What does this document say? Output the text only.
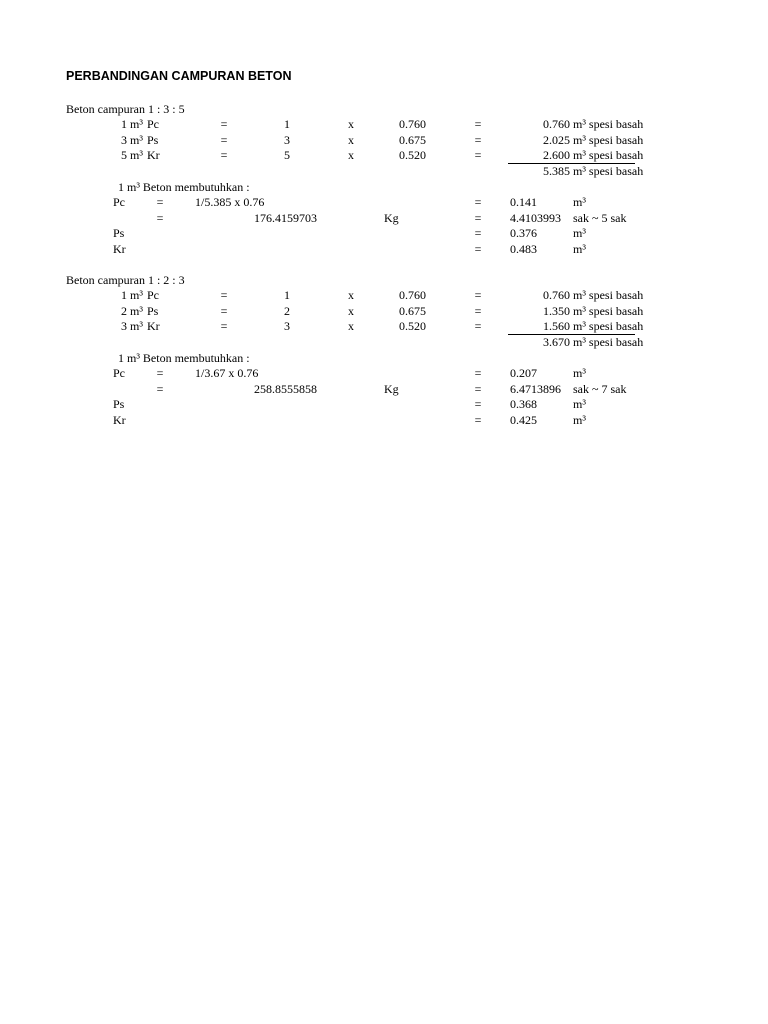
PERBANDINGAN CAMPURAN BETON
Beton campuran 1 : 3 : 5
1 m³ Pc	=	1	x	0.760	=	0.760 m³ spesi basah
3 m³ Ps	=	3	x	0.675	=	2.025 m³ spesi basah
5 m³ Kr	=	5	x	0.520	=	2.600 m³ spesi basah
5.385 m³ spesi basah
1 m³ Beton membutuhkan :
Pc	=	1/5.385 x 0.76	=	0.141	m³
=	176.4159703	Kg	=	4.4103993 sak ~ 5 sak
Ps	=	0.376	m³
Kr	=	0.483	m³
Beton campuran 1 : 2 : 3
1 m³ Pc	=	1	x	0.760	=	0.760 m³ spesi basah
2 m³ Ps	=	2	x	0.675	=	1.350 m³ spesi basah
3 m³ Kr	=	3	x	0.520	=	1.560 m³ spesi basah
3.670 m³ spesi basah
1 m³ Beton membutuhkan :
Pc	=	1/3.67 x 0.76	=	0.207	m³
=	258.8555858	Kg	=	6.4713896 sak ~ 7 sak
Ps	=	0.368	m³
Kr	=	0.425	m³
